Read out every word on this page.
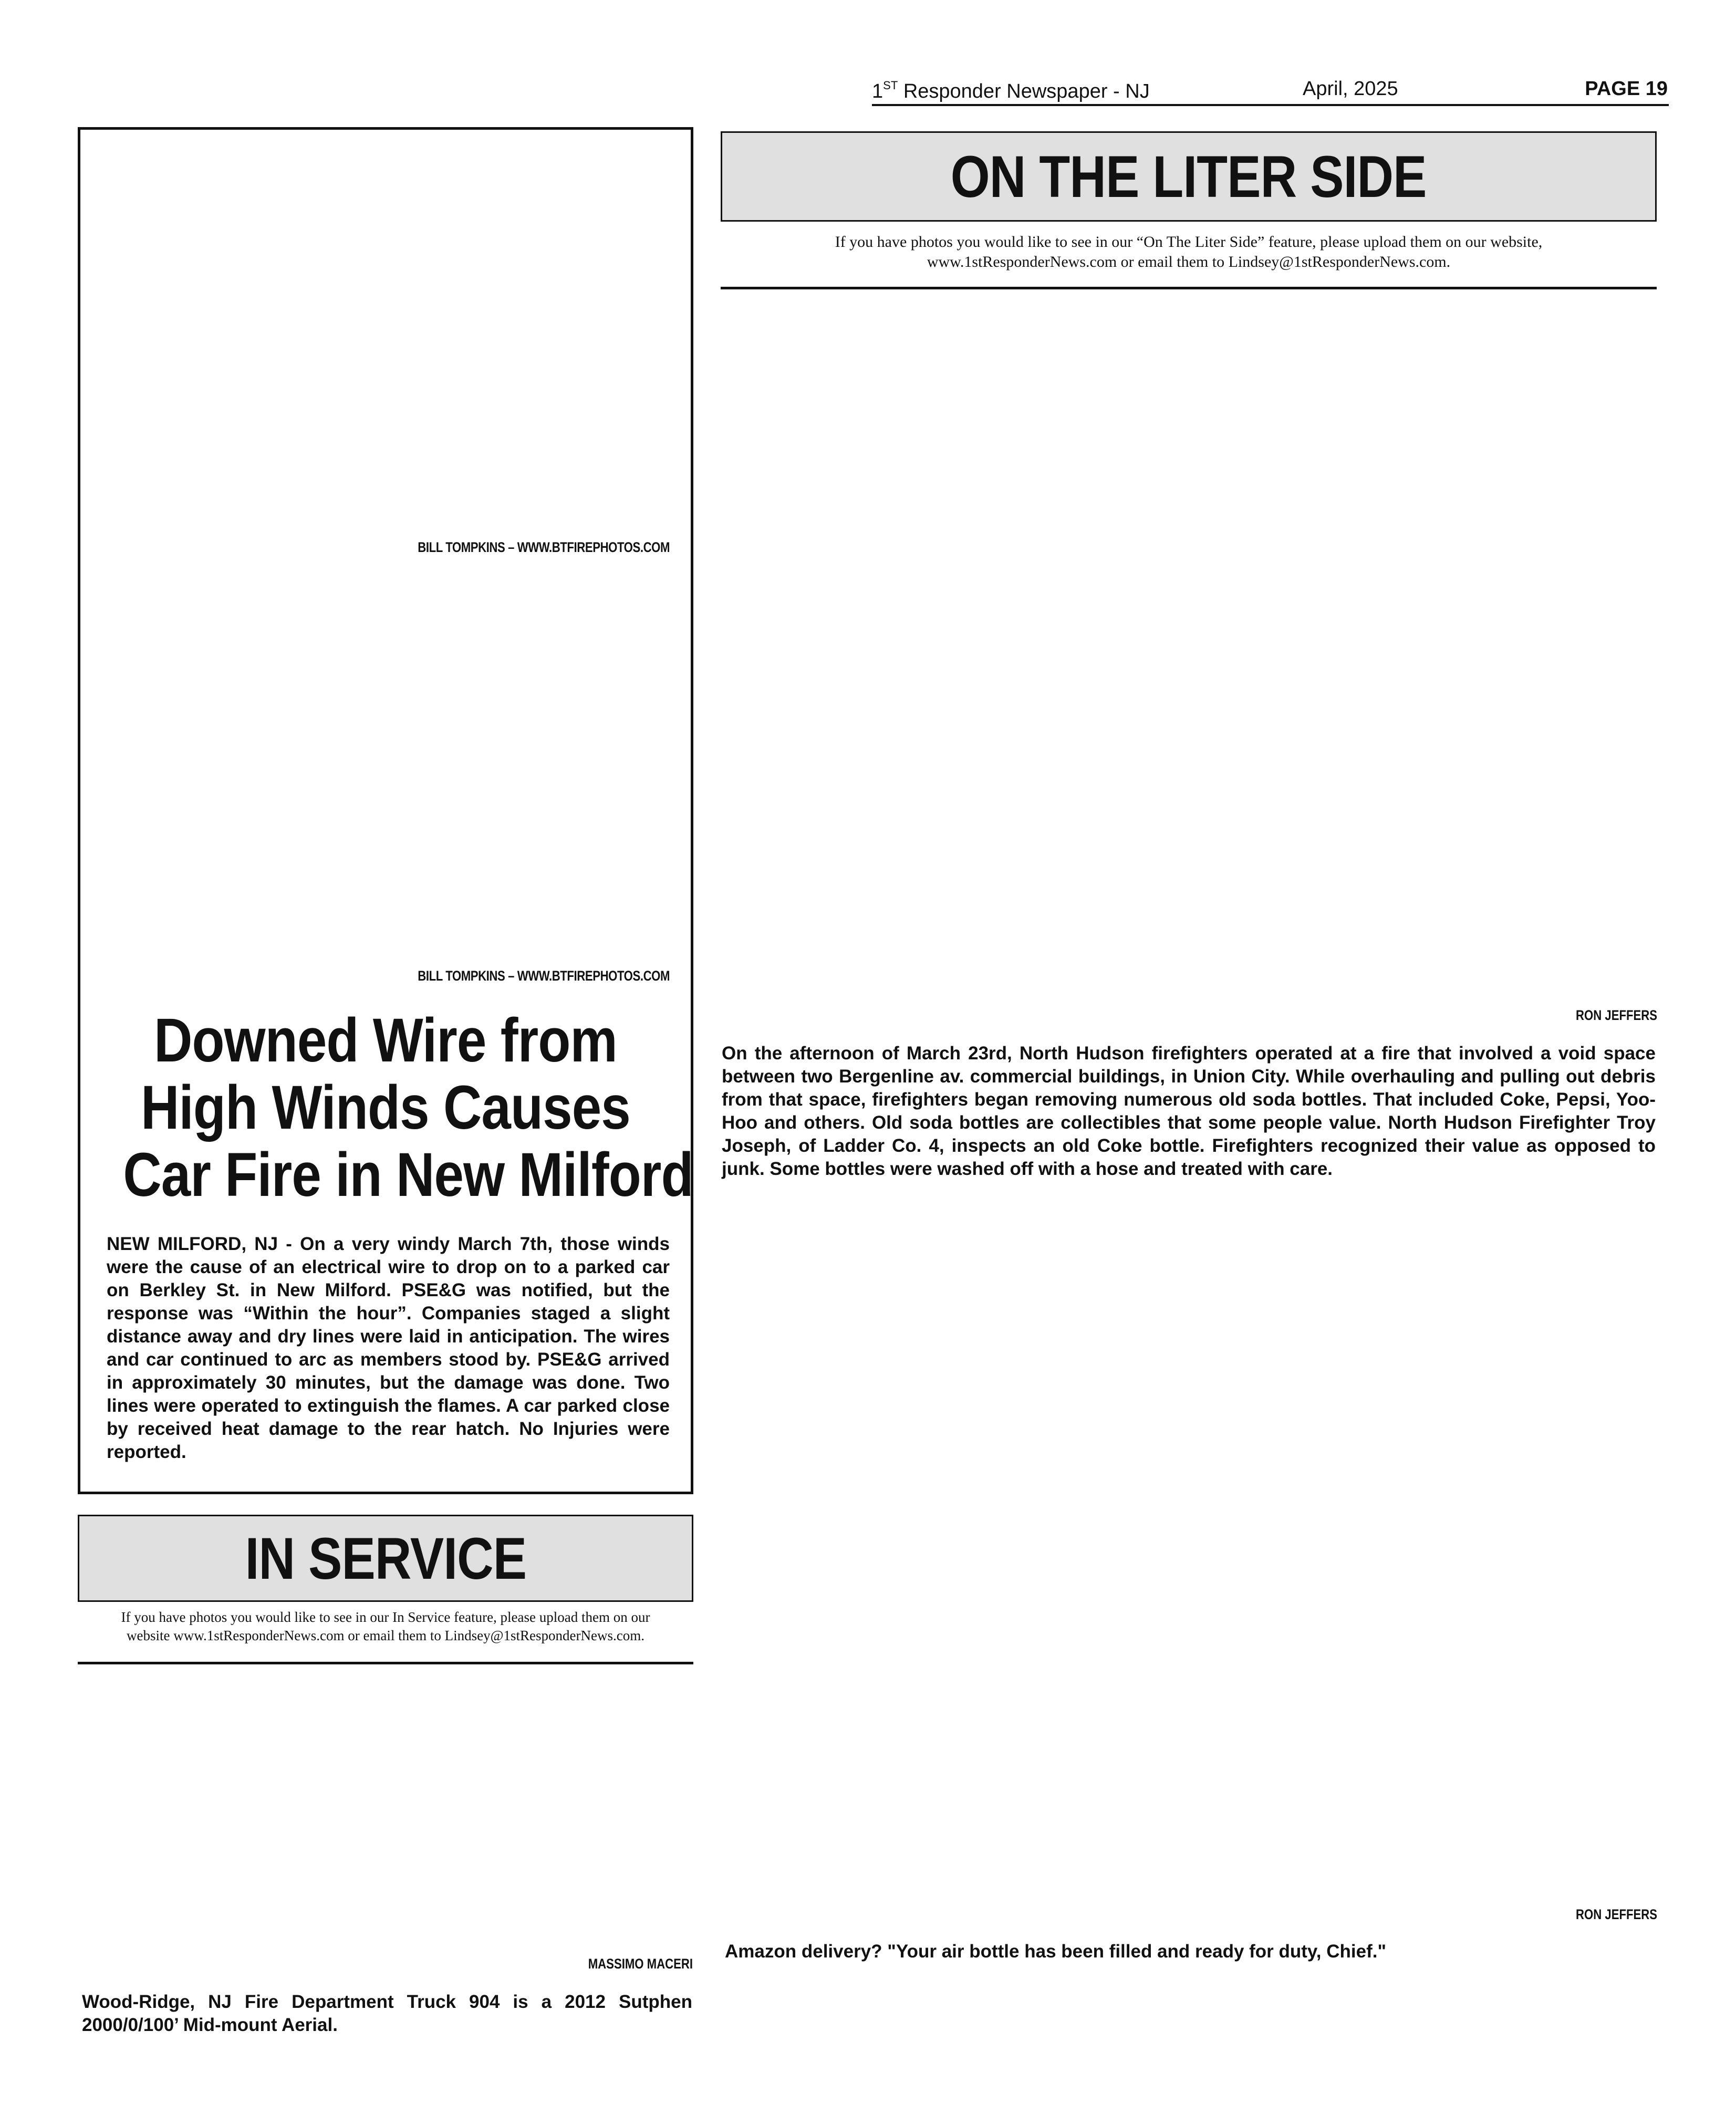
1ST Responder Newspaper - NJ	April, 2025	PAGE 19
BILL TOMPKINS – WWW.BTFIREPHOTOS.COM
BILL TOMPKINS – WWW.BTFIREPHOTOS.COM
Downed Wire from
High Winds Causes
Car Fire in New Milford
NEW MILFORD, NJ - On a very windy March 7th, those winds were the cause of an electrical wire to drop on to a parked car on Berkley St. in New Milford. PSE&G was notified, but the response was “Within the hour”. Companies staged a slight distance away and dry lines were laid in anticipation. The wires and car continued to arc as members stood by. PSE&G arrived in approximately 30 minutes, but the damage was done. Two lines were operated to extinguish the flames. A car parked close by received heat damage to the rear hatch. No Injuries were reported.
ON THE LITER SIDE
If you have photos you would like to see in our “On The Liter Side” feature, please upload them on our website,
www.1stResponderNews.com or email them to Lindsey@1stResponderNews.com.
RON JEFFERS
On the afternoon of March 23rd, North Hudson firefighters operated at a fire that involved a void space between two Bergenline av. commercial buildings, in Union City. While overhauling and pulling out debris from that space, firefighters began removing numerous old soda bottles. That included Coke, Pepsi, Yoo-Hoo and others. Old soda bottles are collectibles that some people value. North Hudson Firefighter Troy Joseph, of Ladder Co. 4, inspects an old Coke bottle. Firefighters recognized their value as opposed to junk. Some bottles were washed off with a hose and treated with care.
RON JEFFERS
Amazon delivery? "Your air bottle has been filled and ready for duty, Chief."
IN SERVICE
If you have photos you would like to see in our In Service feature, please upload them on our
website www.1stResponderNews.com or email them to Lindsey@1stResponderNews.com.
MASSIMO MACERI
Wood-Ridge, NJ Fire Department Truck 904 is a 2012 Sutphen 2000/0/100’ Mid-mount Aerial.
